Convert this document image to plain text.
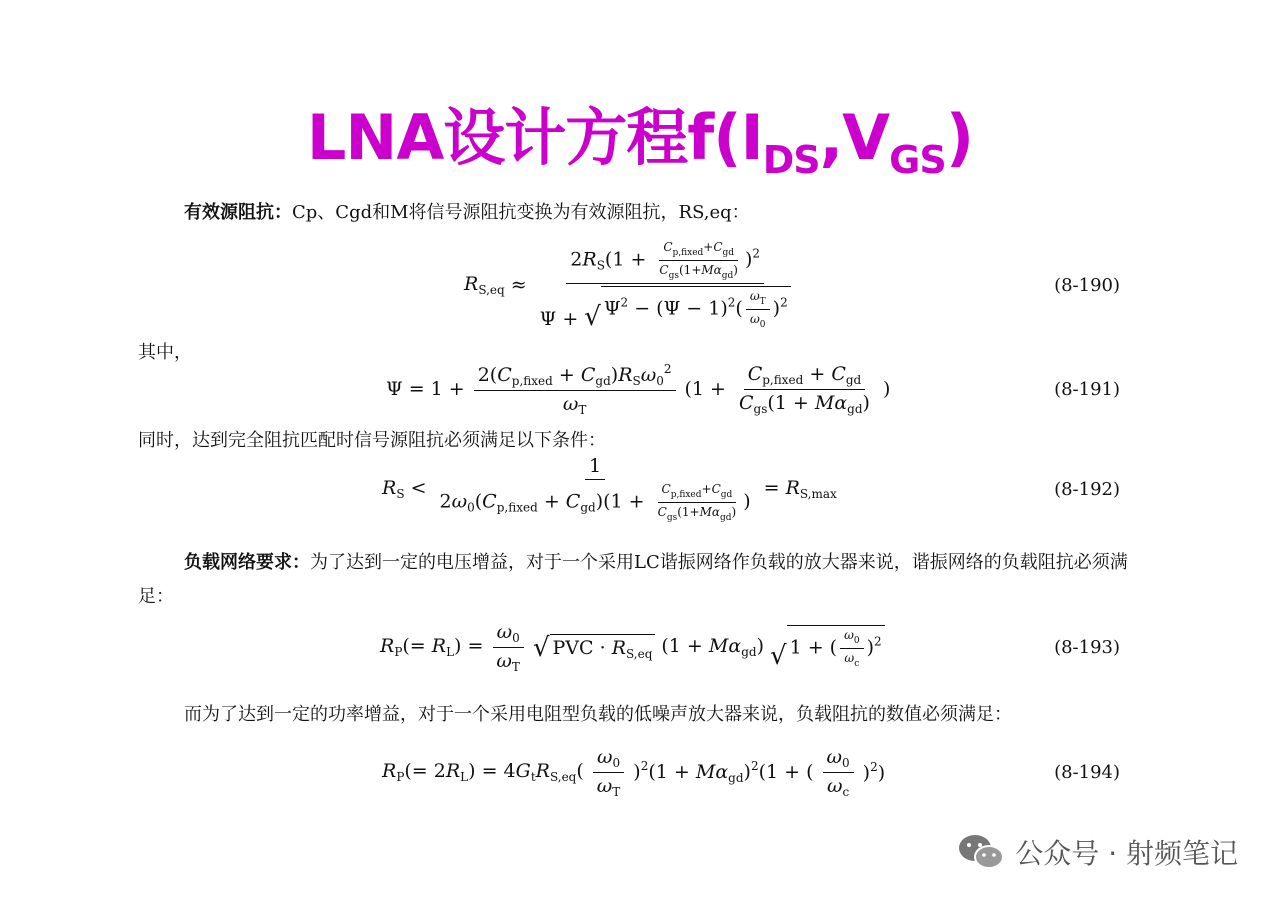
LNA设计方程$f(I_{DS},V_{GS})$
有效源阻抗：Cp、Cgd和M将信号源阻抗变换为有效源阻抗，RS,eq：
$R_{S,eq} \approx \frac{2R_S(1 + \frac{C_{p,fixed}+C_{gd}}{C_{gs}(1+M\alpha_{gd})} )^2}{\Psi + √ \Psi^2 - (\Psi - 1)^2( \frac{\omega_T}{\omega_0} )^2}$	(8-190)
其中，
$\Psi = 1 + \frac{2(C_{p,fixed} + C_{gd})R_S\omega_0^2}{\omega_T} (1 + \frac{C_{p,fixed} + C_{gd}}{C_{gs}(1 + M\alpha_{gd})}$ )	(8-191)
同时，达到完全阻抗匹配时信号源阻抗必须满足以下条件：
$R_S < \frac{1}{2\omega_0(C_{p,fixed} + C_{gd})(1 + \frac{C_{p,fixed}+C_{gd}}{C_{gs}(1+M\alpha_{gd})} )} = R_{S,max}$	(8-192)
负载网络要求：为了达到一定的电压增益，对于一个采用LC谐振网络作负载的放大器来说，谐振网络的负载阻抗必须满足：
$R_P(= R_L) = \frac{\omega_0}{\omega_T}$ √ PVC · $R_{S,eq}$ $(1 + M\alpha_{gd})$ √ 1 + ( $\frac{\omega_0}{\omega_c} )^2$	(8-193)
而为了达到一定的功率增益，对于一个采用电阻型负载的低噪声放大器来说，负载阻抗的数值必须满足：
$R_P(= 2R_L) = 4G_tR_{S,eq}( \frac{\omega_0}{\omega_T} )^2(1 + M\alpha_{gd})^2(1$ + ( $\frac{\omega_0}{\omega_c} )^2$)	(8-194)
公众号 · 射频笔记
